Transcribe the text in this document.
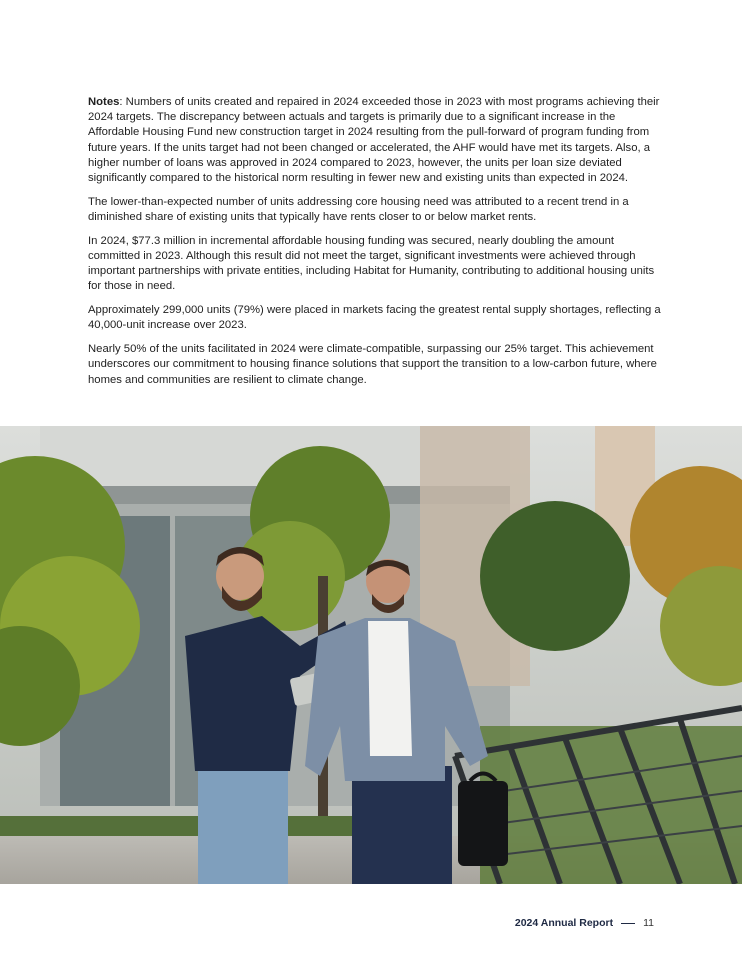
Notes: Numbers of units created and repaired in 2024 exceeded those in 2023 with most programs achieving their 2024 targets. The discrepancy between actuals and targets is primarily due to a significant increase in the Affordable Housing Fund new construction target in 2024 resulting from the pull-forward of program funding from future years. If the units target had not been changed or accelerated, the AHF would have met its targets. Also, a higher number of loans was approved in 2024 compared to 2023, however, the units per loan size deviated significantly compared to the historical norm resulting in fewer new and existing units than expected in 2024.

The lower-than-expected number of units addressing core housing need was attributed to a recent trend in a diminished share of existing units that typically have rents closer to or below market rents.

In 2024, $77.3 million in incremental affordable housing funding was secured, nearly doubling the amount committed in 2023. Although this result did not meet the target, significant investments were achieved through important partnerships with private entities, including Habitat for Humanity, contributing to additional housing units for those in need.

Approximately 299,000 units (79%) were placed in markets facing the greatest rental supply shortages, reflecting a 40,000-unit increase over 2023.

Nearly 50% of the units facilitated in 2024 were climate-compatible, surpassing our 25% target. This achievement underscores our commitment to housing finance solutions that support the transition to a low-carbon future, where homes and communities are resilient to climate change.

2024 Annual Report	11
